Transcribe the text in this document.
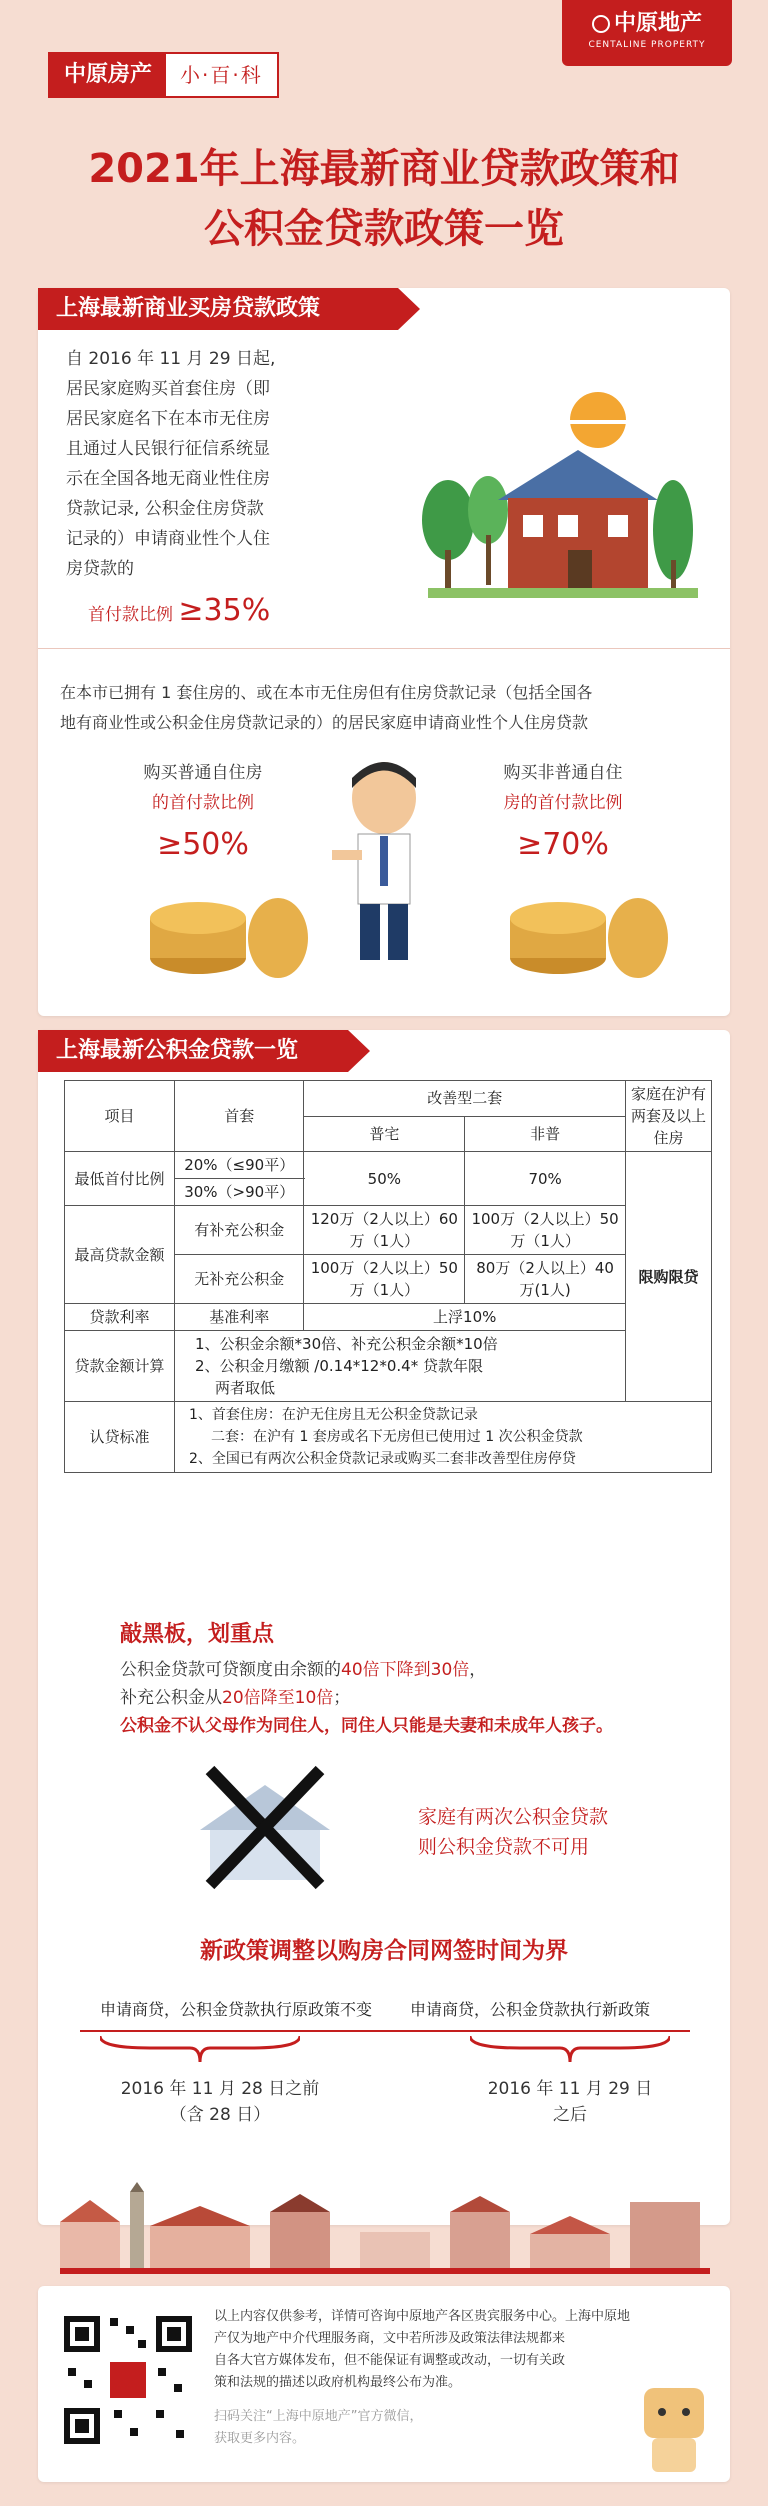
中原房产	小·百·科
中原地产
CENTALINE PROPERTY
2021年上海最新商业贷款政策和
公积金贷款政策一览
上海最新商业买房贷款政策
自 2016 年 11 月 29 日起,
居民家庭购买首套住房（即
居民家庭名下在本市无住房
且通过人民银行征信系统显
示在全国各地无商业性住房
贷款记录, 公积金住房贷款
记录的）申请商业性个人住
房贷款的
首付款比例 ≥35%
在本市已拥有 1 套住房的、或在本市无住房但有住房贷款记录（包括全国各
地有商业性或公积金住房贷款记录的）的居民家庭申请商业性个人住房贷款
购买普通自住房
的首付款比例
≥50%
购买非普通自住
房的首付款比例
≥70%
上海最新公积金贷款一览
项目	首套	改善型二套		家庭在沪有两套及以上住房
		普宅	非普	
最低首付比例	20%（≤90平）	50%	70%	限购限贷
	30%（>90平）			
最高贷款金额	有补充公积金	120万（2人以上）60万（1人）	100万（2人以上）50万（1人）	
	无补充公积金	100万（2人以上）50万（1人）	80万（2人以上）40万(1人)	
贷款利率	基准利率	上浮10%		
贷款金额计算	1、公积金余额*30倍、补充公积金余额*10倍
2、公积金月缴额 /0.14*12*0.4* 贷款年限
两者取低			

认贷标准	1、首套住房：在沪无住房且无公积金贷款记录
二套：在沪有 1 套房或名下无房但已使用过 1 次公积金贷款
2、全国已有两次公积金贷款记录或购买二套非改善型住房停贷			
敲黑板，划重点
公积金贷款可贷额度由余额的40倍下降到30倍，
补充公积金从20倍降至10倍；
公积金不认父母作为同住人，同住人只能是夫妻和未成年人孩子。
家庭有两次公积金贷款
则公积金贷款不可用
新政策调整以购房合同网签时间为界
申请商贷，公积金贷款执行原政策不变 申请商贷，公积金贷款执行新政策
2016 年 11 月 28 日之前
（含 28 日）
2016 年 11 月 29 日
之后
以上内容仅供参考，详情可咨询中原地产各区贵宾服务中心。上海中原地
产仅为地产中介代理服务商，文中若所涉及政策法律法规都来
自各大官方媒体发布，但不能保证有调整或改动，一切有关政
策和法规的描述以政府机构最终公布为准。
扫码关注“上海中原地产”官方微信，
获取更多内容。
